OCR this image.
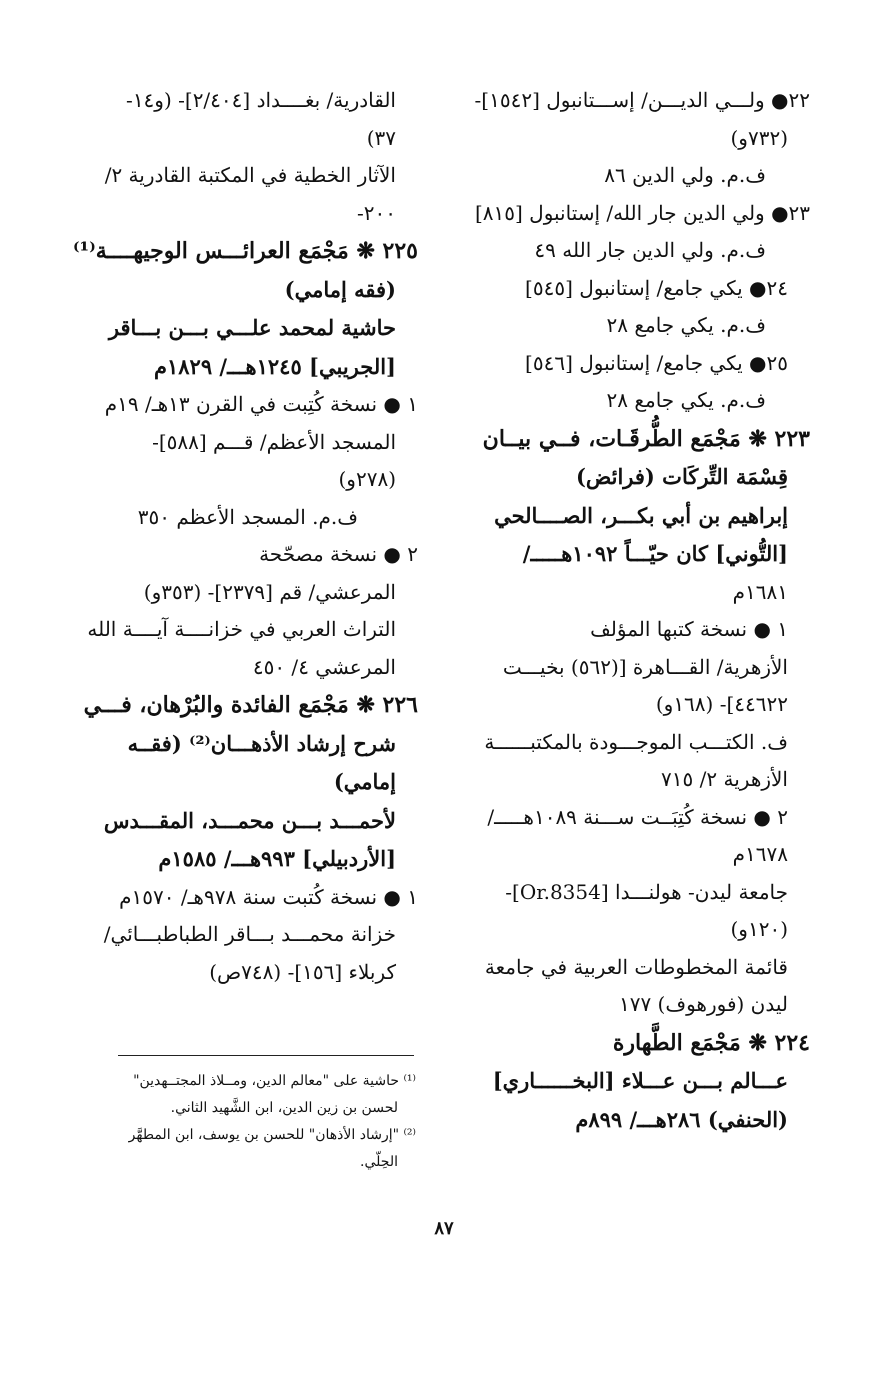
٢٢● ولـــي الديـــن/ إســـتانبول [١٥٤٢]-
(٧٣٢و)
ف.م. ولي الدين ٨٦
٢٣● ولي الدين جار الله/ إستانبول [٨١٥]
ف.م. ولي الدين جار الله ٤٩
٢٤● يكي جامع/ إستانبول [٥٤٥]
ف.م. يكي جامع ٢٨
٢٥● يكي جامع/ إستانبول [٥٤٦]
ف.م. يكي جامع ٢٨
٢٢٣ ❋ مَجْمَع الطُّرقَـات، فــي بيــان
قِسْمَة التِّركَات (فرائض)
إبراهيم بن أبي بكـــر، الصــــالحي
[التُّوني] كان حيّـــاً ١٠٩٢هـــــ/
١٦٨١م
١ ● نسخة كتبها المؤلف
الأزهرية/ القـــاهرة [(٥٦٢) بخيـــت
٤٤٦٢٢]- (١٦٨و)
ف. الكتـــب الموجـــودة بالمكتبــــــة
الأزهرية ٢/ ٧١٥
٢ ● نسخة كُتِبَــت ســـنة ١٠٨٩هـــــ/
١٦٧٨م
جامعة ليدن- هولنـــدا [Or.8354]-
(١٢٠و)
قائمة المخطوطات العربية في جامعة
ليدن (فورهوف) ١٧٧
٢٢٤ ❋ مَجْمَع الطَّهارة
عـــالم بـــن عـــلاء [البخــــــاري]
(الحنفي) ٢٨٦هـــ/ ٨٩٩م
القادرية/ بغــــداد [٢/٤٠٤]- (و١٤-
٣٧)
الآثار الخطية في المكتبة القادرية ٢/
٢٠٠-
٢٢٥ ❋ مَجْمَع العرائـــس الوجيهــــة⁽¹⁾
(فقه إمامي)
حاشية لمحمد علـــي بـــن بـــاقر
[الجريبي] ١٢٤٥هـــ/ ١٨٢٩م
١ ● نسخة كُتِبت في القرن ١٣هـ/ ١٩م
المسجد الأعظم/ قـــم [٥٨٨]-
(٢٧٨و)
ف.م. المسجد الأعظم ٣٥٠
٢ ● نسخة مصحّحة
المرعشي/ قم [٢٣٧٩]- (٣٥٣و)
التراث العربي في خزانــــة آيــــة الله
المرعشي ٤/ ٤٥٠
٢٢٦ ❋ مَجْمَع الفائدة والبُرْهان، فـــي
شرح إرشاد الأذهـــان⁽²⁾ (فقــه
إمامي)
لأحمـــد بـــن محمـــد، المقـــدس
[الأردبيلي] ٩٩٣هـــ/ ١٥٨٥م
١ ● نسخة كُتبت سنة ٩٧٨هـ/ ١٥٧٠م
خزانة محمـــد بـــاقر الطباطبـــائي/
كربلاء [١٥٦]- (٧٤٨ص)
⁽¹⁾ حاشية على "معالم الدين، ومــلاذ المجتــهدين"
لحسن بن زين الدين، ابن الشَّهيد الثاني.
⁽²⁾ "إرشاد الأذهان" للحسن بن يوسف، ابن المطهَّر
الحِلّي.
٨٧
